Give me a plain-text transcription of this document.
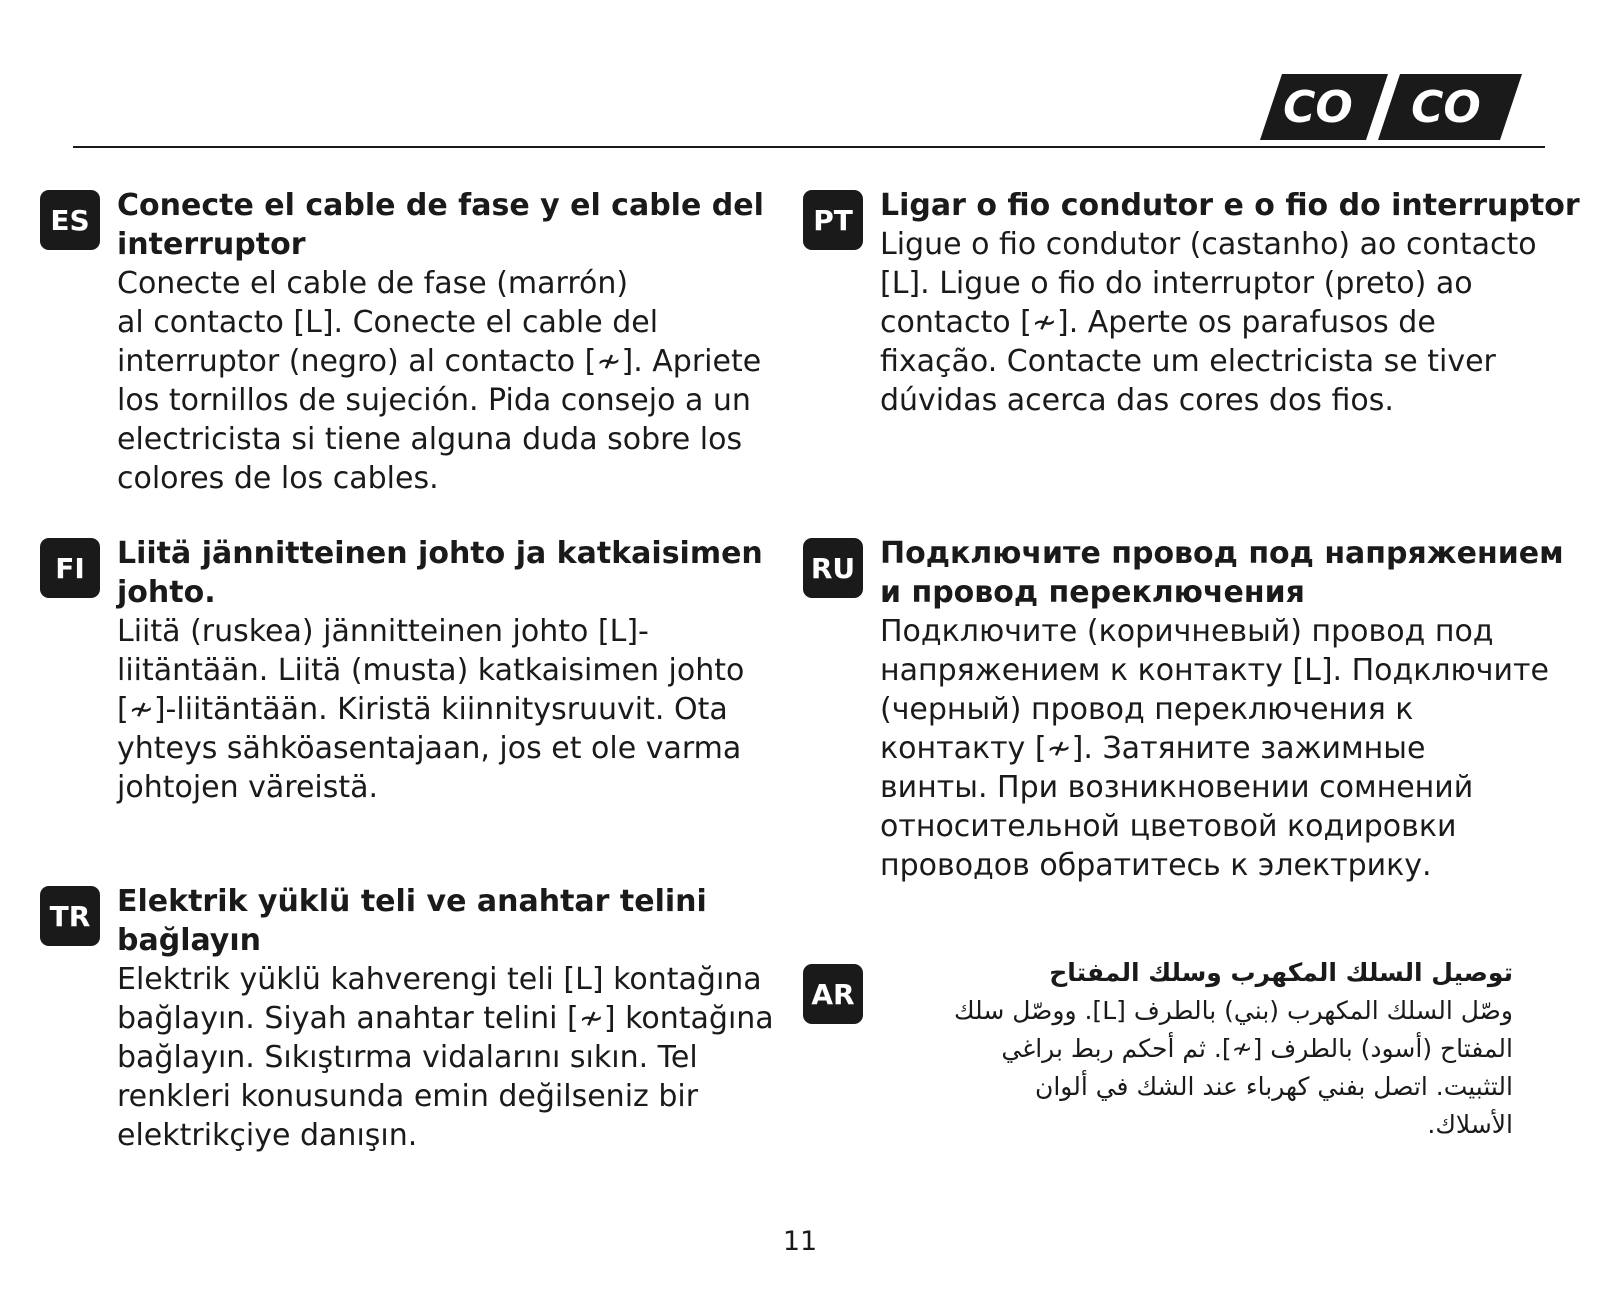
CO CO
ES Conecte el cable de fase y el cable del
interruptor
Conecte el cable de fase (marrón)
al contacto [L]. Conecte el cable del
interruptor (negro) al contacto [≁]. Apriete
los tornillos de sujeción. Pida consejo a un
electricista si tiene alguna duda sobre los
colores de los cables.
PT Ligar o fio condutor e o fio do interruptor
Ligue o fio condutor (castanho) ao contacto
[L]. Ligue o fio do interruptor (preto) ao
contacto [≁]. Aperte os parafusos de
fixação. Contacte um electricista se tiver
dúvidas acerca das cores dos fios.
FI	Liitä jännitteinen johto ja katkaisimen
johto.
Liitä (ruskea) jännitteinen johto [L]-
liitäntään. Liitä (musta) katkaisimen johto
[≁]-liitäntään. Kiristä kiinnitysruuvit. Ota
yhteys sähköasentajaan, jos et ole varma
johtojen väreistä.
RU Подключите провод под напряжением
и провод переключения
Подключите (коричневый) провод под
напряжением к контакту [L]. Подключите
(черный) провод переключения к
контакту [≁]. Затяните зажимные
винты. При возникновении сомнений
относительной цветовой кодировки
проводов обратитесь к электрику.
TR Elektrik yüklü teli ve anahtar telini
bağlayın
Elektrik yüklü kahverengi teli [L] kontağına
bağlayın. Siyah anahtar telini [≁] kontağına
bağlayın. Sıkıştırma vidalarını sıkın. Tel
renkleri konusunda emin değilseniz bir
elektrikçiye danışın.
AR
توصيل السلك المكهرب وسلك المفتاح
وصّل السلك المكهرب (بني) بالطرف [L]. ووصّل سلك
المفتاح (أسود) بالطرف [≁]. ثم أحكم ربط براغي
التثبيت. اتصل بفني كهرباء عند الشك في ألوان
الأسلاك.
11
